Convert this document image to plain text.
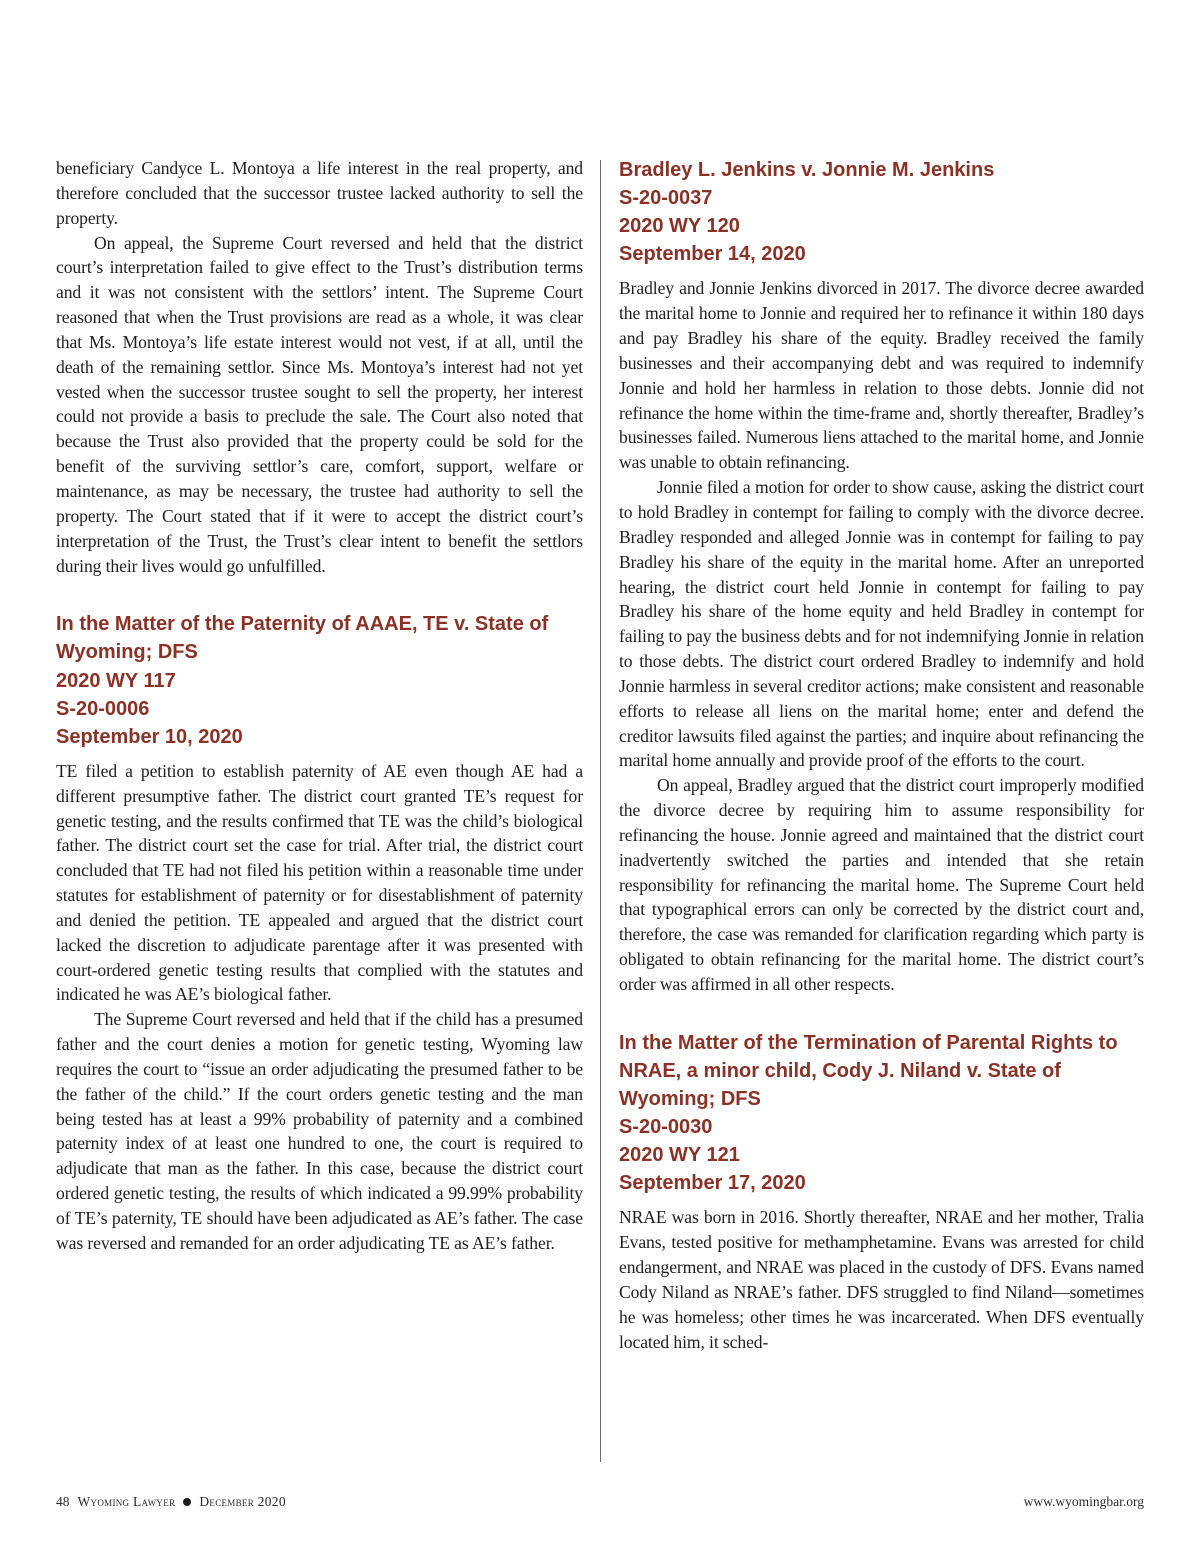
beneficiary Candyce L. Montoya a life interest in the real property, and therefore concluded that the successor trustee lacked authority to sell the property.

On appeal, the Supreme Court reversed and held that the district court’s interpretation failed to give effect to the Trust’s distribution terms and it was not consistent with the settlors’ intent. The Supreme Court reasoned that when the Trust provisions are read as a whole, it was clear that Ms. Montoya’s life estate interest would not vest, if at all, until the death of the remaining settlor. Since Ms. Montoya’s interest had not yet vested when the successor trustee sought to sell the property, her interest could not provide a basis to preclude the sale. The Court also noted that because the Trust also provided that the property could be sold for the benefit of the surviving settlor’s care, comfort, support, welfare or maintenance, as may be necessary, the trustee had authority to sell the property. The Court stated that if it were to accept the district court’s interpretation of the Trust, the Trust’s clear intent to benefit the settlors during their lives would go unfulfilled.

In the Matter of the Paternity of AAAE, TE v. State of Wyoming; DFS
2020 WY 117
S-20-0006
September 10, 2020

TE filed a petition to establish paternity of AE even though AE had a different presumptive father. The district court granted TE’s request for genetic testing, and the results confirmed that TE was the child’s biological father. The district court set the case for trial. After trial, the district court concluded that TE had not filed his petition within a reasonable time under statutes for establishment of paternity or for disestablishment of paternity and denied the petition. TE appealed and argued that the district court lacked the discretion to adjudicate parentage after it was presented with court-ordered genetic testing results that complied with the statutes and indicated he was AE’s biological father.

The Supreme Court reversed and held that if the child has a presumed father and the court denies a motion for genetic testing, Wyoming law requires the court to “issue an order adjudicating the presumed father to be the father of the child.” If the court orders genetic testing and the man being tested has at least a 99% probability of paternity and a combined paternity index of at least one hundred to one, the court is required to adjudicate that man as the father. In this case, because the district court ordered genetic testing, the results of which indicated a 99.99% probability of TE’s paternity, TE should have been adjudicated as AE’s father. The case was reversed and remanded for an order adjudicating TE as AE’s father.

Bradley L. Jenkins v. Jonnie M. Jenkins
S-20-0037
2020 WY 120
September 14, 2020

Bradley and Jonnie Jenkins divorced in 2017. The divorce decree awarded the marital home to Jonnie and required her to refinance it within 180 days and pay Bradley his share of the equity. Bradley received the family businesses and their accompanying debt and was required to indemnify Jonnie and hold her harmless in relation to those debts. Jonnie did not refinance the home within the time-frame and, shortly thereafter, Bradley’s businesses failed. Numerous liens attached to the marital home, and Jonnie was unable to obtain refinancing.

Jonnie filed a motion for order to show cause, asking the district court to hold Bradley in contempt for failing to comply with the divorce decree. Bradley responded and alleged Jonnie was in contempt for failing to pay Bradley his share of the equity in the marital home. After an unreported hearing, the district court held Jonnie in contempt for failing to pay Bradley his share of the home equity and held Bradley in contempt for failing to pay the business debts and for not indemnifying Jonnie in relation to those debts. The district court ordered Bradley to indemnify and hold Jonnie harmless in several creditor actions; make consistent and reasonable efforts to release all liens on the marital home; enter and defend the creditor lawsuits filed against the parties; and inquire about refinancing the marital home annually and provide proof of the efforts to the court.

On appeal, Bradley argued that the district court improperly modified the divorce decree by requiring him to assume responsibility for refinancing the house. Jonnie agreed and maintained that the district court inadvertently switched the parties and intended that she retain responsibility for refinancing the marital home. The Supreme Court held that typographical errors can only be corrected by the district court and, therefore, the case was remanded for clarification regarding which party is obligated to obtain refinancing for the marital home. The district court’s order was affirmed in all other respects.

In the Matter of the Termination of Parental Rights to NRAE, a minor child, Cody J. Niland v. State of Wyoming; DFS
S-20-0030
2020 WY 121
September 17, 2020

NRAE was born in 2016. Shortly thereafter, NRAE and her mother, Tralia Evans, tested positive for methamphetamine. Evans was arrested for child endangerment, and NRAE was placed in the custody of DFS. Evans named Cody Niland as NRAE’s father. DFS struggled to find Niland—sometimes he was homeless; other times he was incarcerated. When DFS eventually located him, it sched-

48 Wyoming Lawyer December 2020	www.wyomingbar.org
